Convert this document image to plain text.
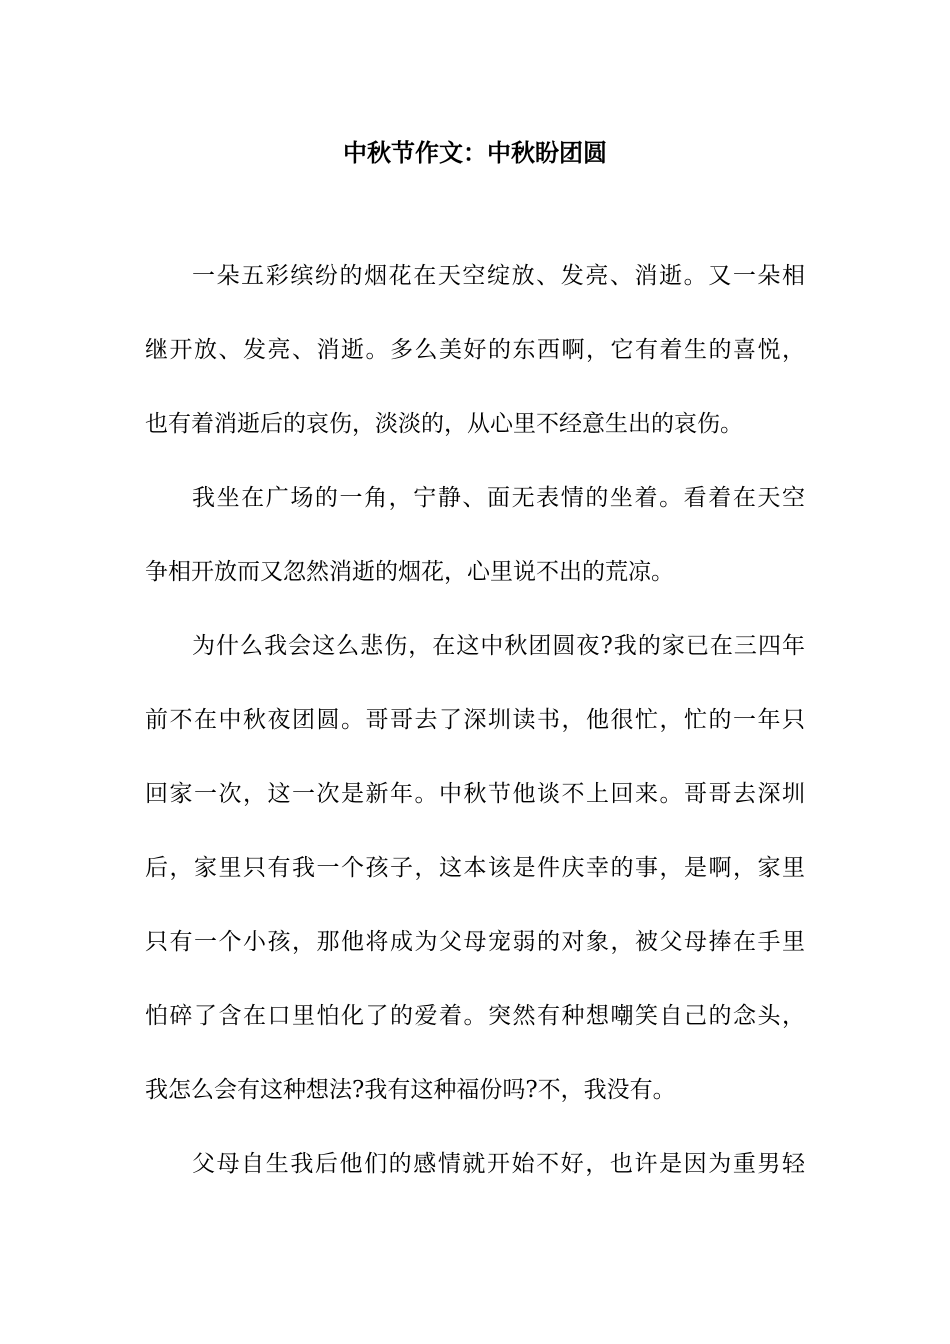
中秋节作文：中秋盼团圆
一朵五彩缤纷的烟花在天空绽放、发亮、消逝。又一朵相
继开放、发亮、消逝。多么美好的东西啊，它有着生的喜悦，
也有着消逝后的哀伤，淡淡的，从心里不经意生出的哀伤。
我坐在广场的一角，宁静、面无表情的坐着。看着在天空
争相开放而又忽然消逝的烟花，心里说不出的荒凉。
为什么我会这么悲伤，在这中秋团圆夜?我的家已在三四年
前不在中秋夜团圆。哥哥去了深圳读书，他很忙，忙的一年只
回家一次，这一次是新年。中秋节他谈不上回来。哥哥去深圳
后，家里只有我一个孩子，这本该是件庆幸的事，是啊，家里
只有一个小孩，那他将成为父母宠弱的对象，被父母捧在手里
怕碎了含在口里怕化了的爱着。突然有种想嘲笑自己的念头，
我怎么会有这种想法?我有这种福份吗?不，我没有。
父母自生我后他们的感情就开始不好，也许是因为重男轻
